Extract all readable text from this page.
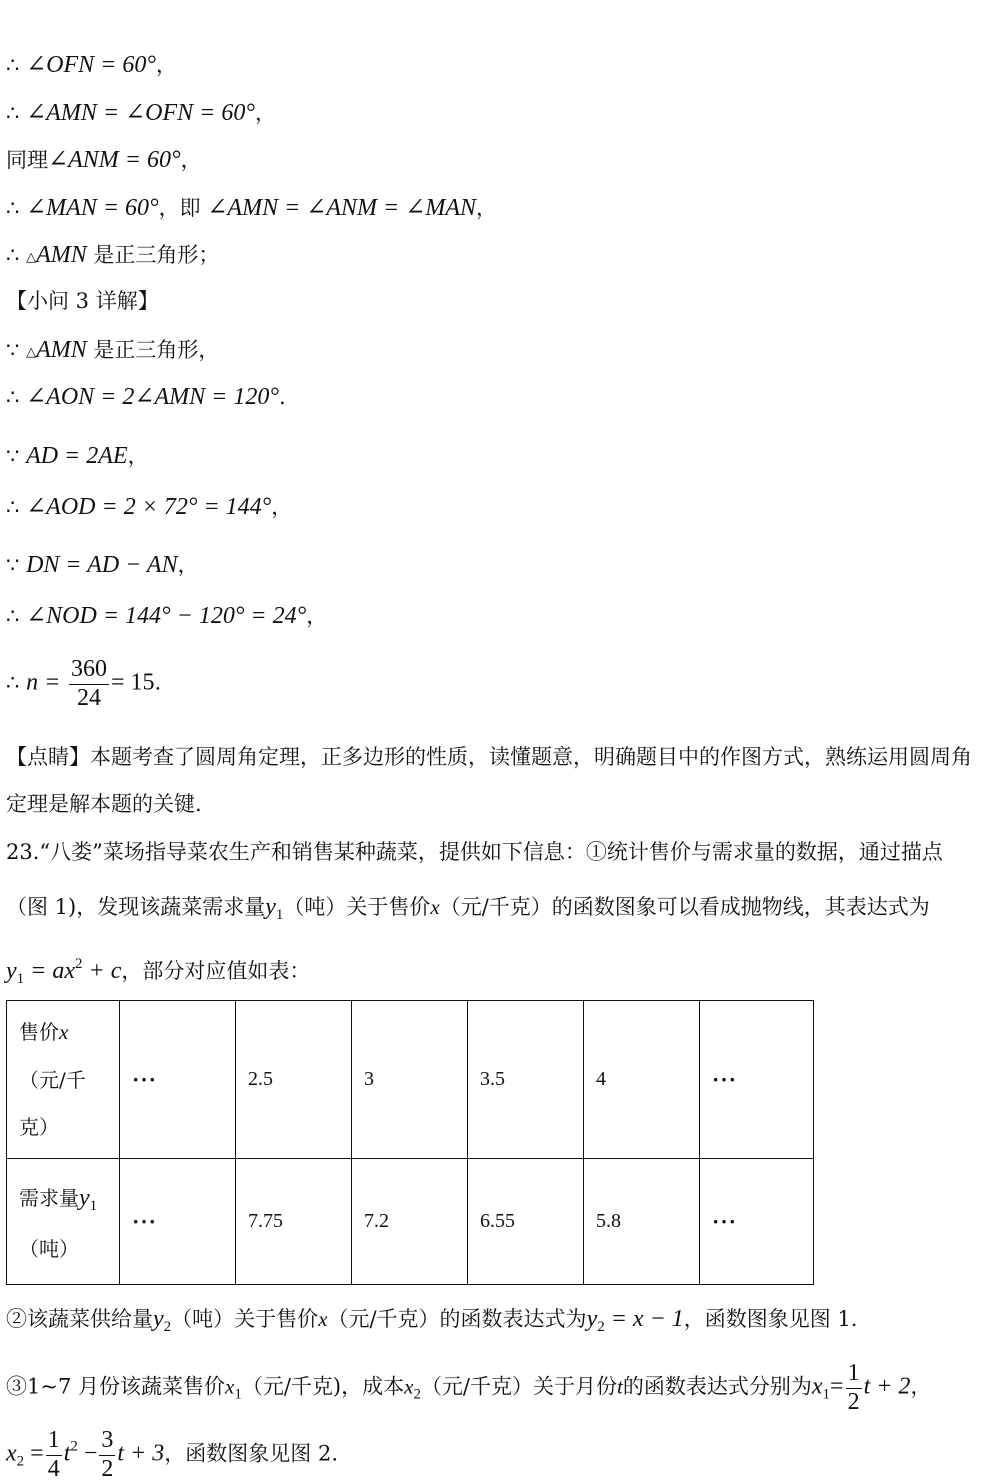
∴ ∠OFN = 60°，
∴ ∠AMN = ∠OFN = 60°，
同理∠ANM = 60°，
∴ ∠MAN = 60°，即 ∠AMN = ∠ANM = ∠MAN，
∴ △AMN 是正三角形；
【小问 3 详解】
∵ △AMN 是正三角形，
∴ ∠AON = 2∠AMN = 120°.
∵ AD = 2AE，
∴ ∠AOD = 2 × 72° = 144°，
∵ DN = AD − AN，
∴ ∠NOD = 144° − 120° = 24°，
∴ $n = \frac{360}{24} = 15$.
【点睛】本题考查了圆周角定理，正多边形的性质，读懂题意，明确题目中的作图方式，熟练运用圆周角
定理是解本题的关键.
23.“八娄”菜场指导菜农生产和销售某种蔬菜，提供如下信息：①统计售价与需求量的数据，通过描点
（图 1)，发现该蔬菜需求量$y_1$（吨）关于售价x（元/千克）的函数图象可以看成抛物线，其表达式为
$y_1 = ax^2 + c$，部分对应值如表：
售价x
（元/千
克）	···	2.5	3	3.5	4	···
需求量$y_1$
（吨）	···	7.75	7.2	6.55	5.8	···
②该蔬菜供给量$y_2$（吨）关于售价x（元/千克）的函数表达式为$y_2 = x - 1$，函数图象见图 1.
③1~7 月份该蔬菜售价$x_1$（元/千克)，成本$x_2$（元/千克）关于月份t的函数表达式分别为$x_1= \frac{1}{2}$ t + 2，
$x_2 = \frac{1}{4} t^2 - \frac{3}{2}$ t + 3，函数图象见图 2.
